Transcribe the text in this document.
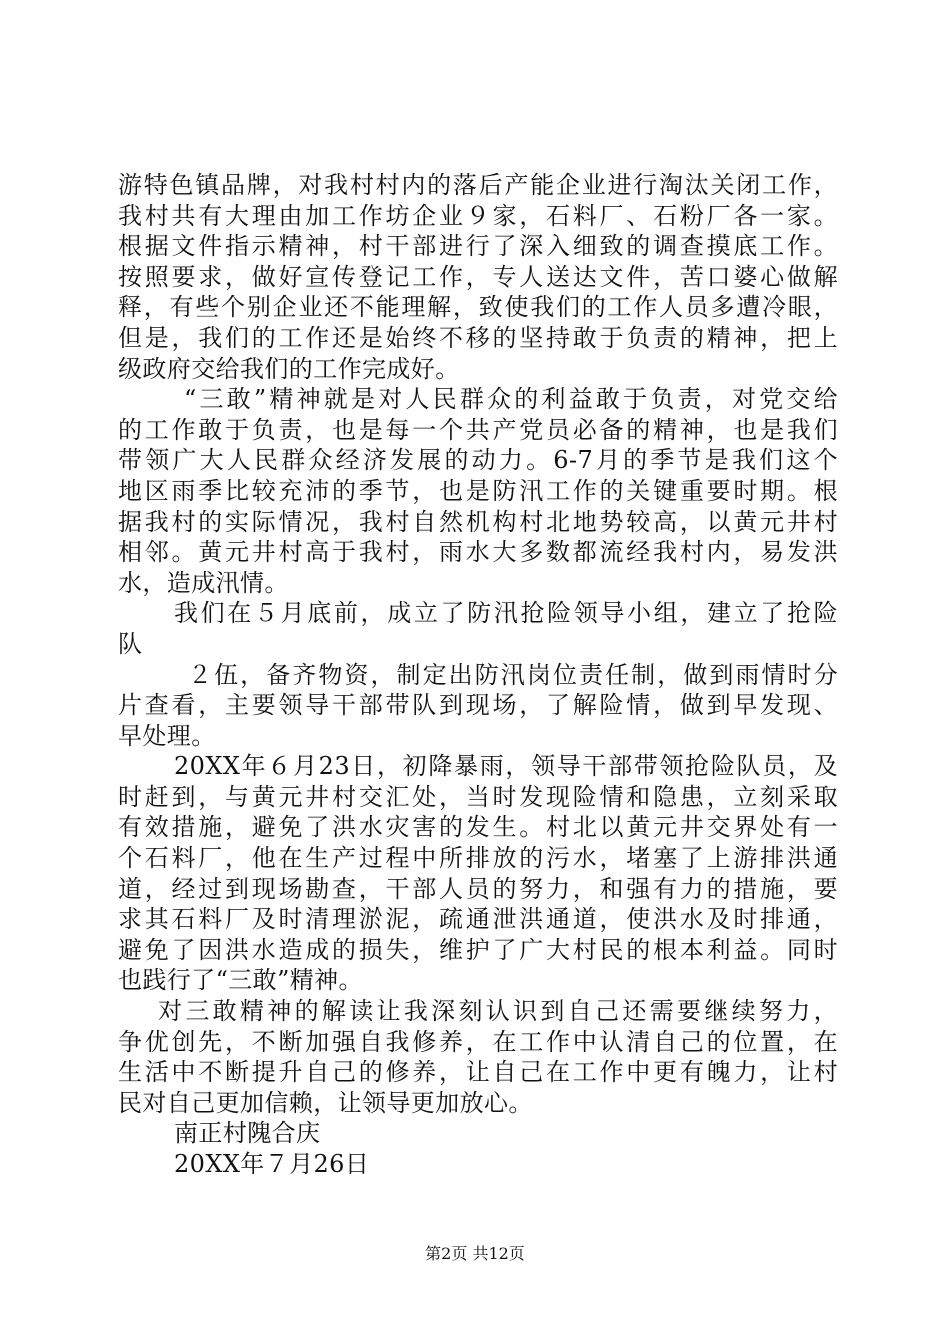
游特色镇品牌，对我村村内的落后产能企业进行淘汰关闭工作，
我村共有大理由加工作坊企业９家，石料厂、石粉厂各一家。
根据文件指示精神，村干部进行了深入细致的调查摸底工作。
按照要求，做好宣传登记工作，专人送达文件，苦口婆心做解
释，有些个别企业还不能理解，致使我们的工作人员多遭冷眼，
但是，我们的工作还是始终不移的坚持敢于负责的精神，把上
级政府交给我们的工作完成好。
“三敢”精神就是对人民群众的利益敢于负责，对党交给
的工作敢于负责，也是每一个共产党员必备的精神，也是我们
带领广大人民群众经济发展的动力。6-7月的季节是我们这个
地区雨季比较充沛的季节，也是防汛工作的关键重要时期。根
据我村的实际情况，我村自然机构村北地势较高，以黄元井村
相邻。黄元井村高于我村，雨水大多数都流经我村内，易发洪
水，造成汛情。
我们在５月底前，成立了防汛抢险领导小组，建立了抢险
队
２伍，备齐物资，制定出防汛岗位责任制，做到雨情时分
片查看，主要领导干部带队到现场，了解险情，做到早发现、
早处理。
20XX年６月23日，初降暴雨，领导干部带领抢险队员，及
时赶到，与黄元井村交汇处，当时发现险情和隐患，立刻采取
有效措施，避免了洪水灾害的发生。村北以黄元井交界处有一
个石料厂，他在生产过程中所排放的污水，堵塞了上游排洪通
道，经过到现场勘查，干部人员的努力，和强有力的措施，要
求其石料厂及时清理淤泥，疏通泄洪通道，使洪水及时排通，
避免了因洪水造成的损失，维护了广大村民的根本利益。同时
也践行了“三敢”精神。
对三敢精神的解读让我深刻认识到自己还需要继续努力，
争优创先，不断加强自我修养，在工作中认清自己的位置，在
生活中不断提升自己的修养，让自己在工作中更有魄力，让村
民对自己更加信赖，让领导更加放心。
南正村隗合庆
20XX年７月26日
第2页 共12页
